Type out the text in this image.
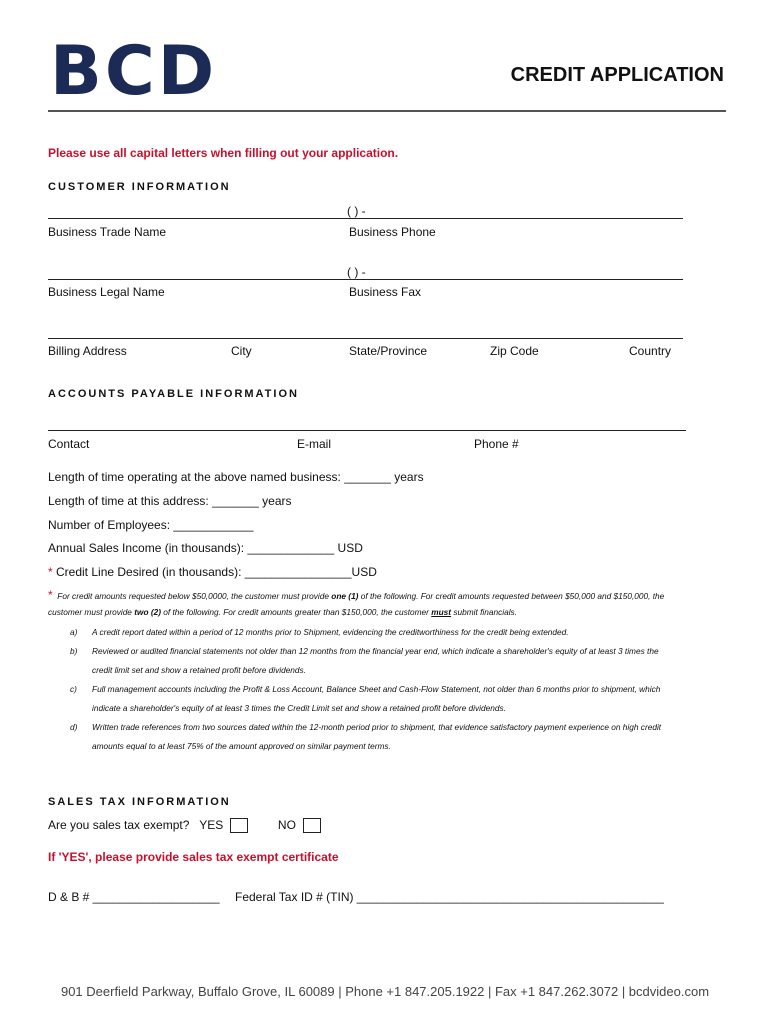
BCD	CREDIT APPLICATION
Please use all capital letters when filling out your application.
CUSTOMER INFORMATION
( ) -
Business Trade Name	Business Phone
( ) -
Business Legal Name	Business Fax
Billing Address	City	State/Province	Zip Code	Country
ACCOUNTS PAYABLE INFORMATION
Contact	E-mail	Phone #
Length of time operating at the above named business: _______ years
Length of time at this address: _______ years
Number of Employees: ____________
Annual Sales Income (in thousands): _____________ USD
* Credit Line Desired (in thousands): ________________USD
* For credit amounts requested below $50,0000, the customer must provide one (1) of the following. For credit amounts requested between $50,000 and $150,000, the
customer must provide two (2) of the following. For credit amounts greater than $150,000, the customer must submit financials.
a) A credit report dated within a period of 12 months prior to Shipment, evidencing the creditworthiness for the credit being extended.
b) Reviewed or audited financial statements not older than 12 months from the financial year end, which indicate a shareholder's equity of at least 3 times the
credit limit set and show a retained profit before dividends.
c) Full management accounts including the Profit & Loss Account, Balance Sheet and Cash-Flow Statement, not older than 6 months prior to shipment, which
indicate a shareholder's equity of at least 3 times the Credit Limit set and show a retained profit before dividends.
d) Written trade references from two sources dated within the 12-month period prior to shipment, that evidence satisfactory payment experience on high credit
amounts equal to at least 75% of the amount approved on similar payment terms.
SALES TAX INFORMATION
Are you sales tax exempt? YES	NO
If 'YES', please provide sales tax exempt certificate
D & B # ___________________ Federal Tax ID # (TIN) ______________________________________________
901 Deerfield Parkway, Buffalo Grove, IL 60089 | Phone +1 847.205.1922 | Fax +1 847.262.3072 | bcdvideo.com
